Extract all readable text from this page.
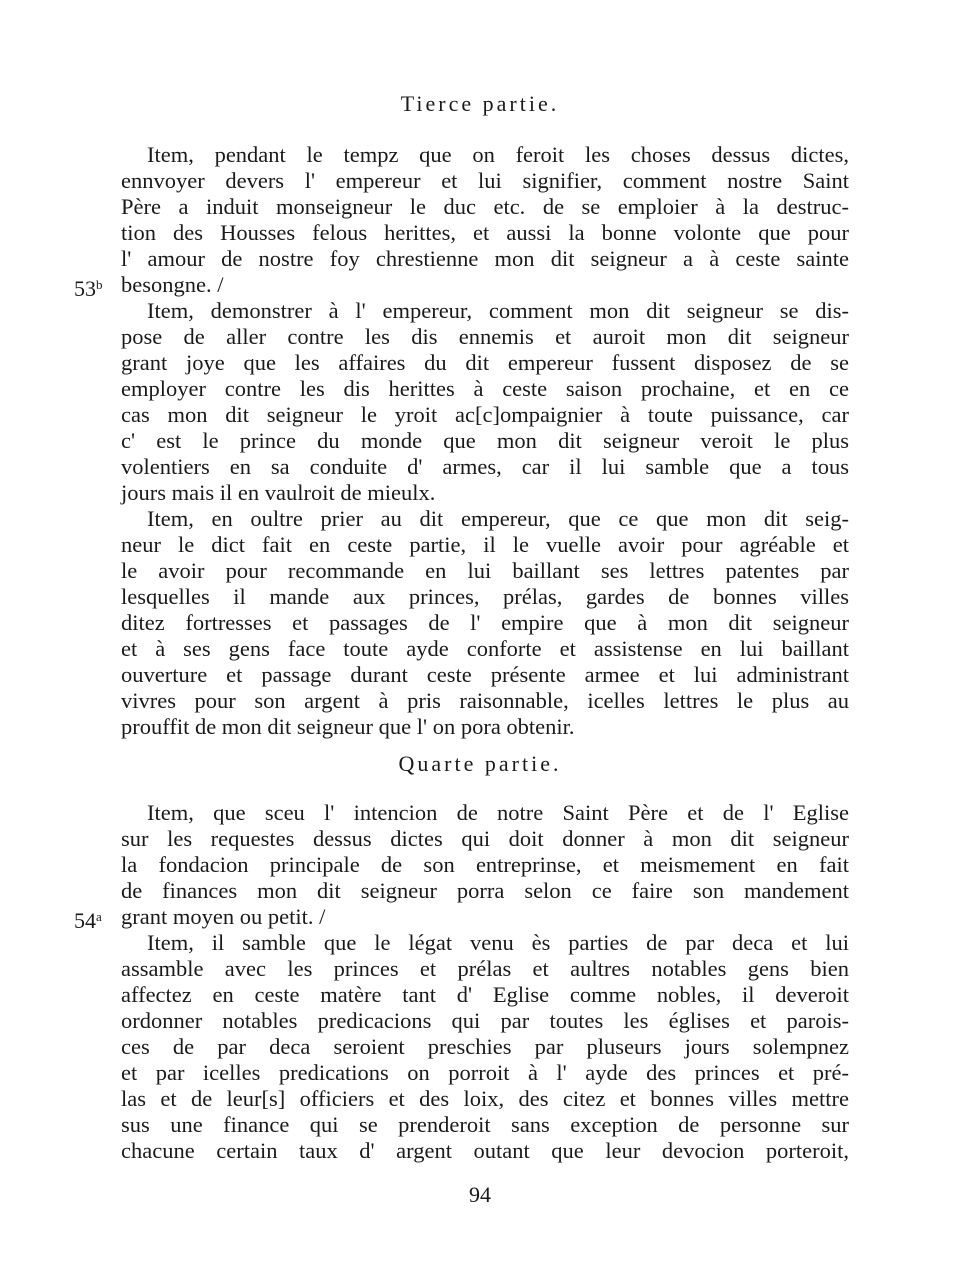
Tierce partie.
Item, pendant le tempz que on feroit les choses dessus dictes,
ennvoyer devers l' empereur et lui signifier, comment nostre Saint
Père a induit monseigneur le duc etc. de se emploier à la destruc-
tion des Housses felous herittes, et aussi la bonne volonte que pour
l' amour de nostre foy chrestienne mon dit seigneur a à ceste sainte
53$^b$ besongne. /
Item, demonstrer à l' empereur, comment mon dit seigneur se dis-
pose de aller contre les dis ennemis et auroit mon dit seigneur
grant joye que les affaires du dit empereur fussent disposez de se
employer contre les dis herittes à ceste saison prochaine, et en ce
cas mon dit seigneur le yroit ac[c]ompaignier à toute puissance, car
c' est le prince du monde que mon dit seigneur veroit le plus
volentiers en sa conduite d' armes, car il lui samble que a tous
jours mais il en vaulroit de mieulx.
Item, en oultre prier au dit empereur, que ce que mon dit seig-
neur le dict fait en ceste partie, il le vuelle avoir pour agréable et
le avoir pour recommande en lui baillant ses lettres patentes par
lesquelles il mande aux princes, prélas, gardes de bonnes villes
ditez fortresses et passages de l' empire que à mon dit seigneur
et à ses gens face toute ayde conforte et assistense en lui baillant
ouverture et passage durant ceste présente armee et lui administrant
vivres pour son argent à pris raisonnable, icelles lettres le plus au
prouffit de mon dit seigneur que l' on pora obtenir.
Quarte partie.
Item, que sceu l' intencion de notre Saint Père et de l' Eglise
sur les requestes dessus dictes qui doit donner à mon dit seigneur
la fondacion principale de son entreprinse, et meismement en fait
de finances mon dit seigneur porra selon ce faire son mandement
54$^a$ grant moyen ou petit. /
Item, il samble que le légat venu ès parties de par deca et lui
assamble avec les princes et prélas et aultres notables gens bien
affectez en ceste matère tant d' Eglise comme nobles, il deveroit
ordonner notables predicacions qui par toutes les églises et parois-
ces de par deca seroient preschies par pluseurs jours solempnez
et par icelles predications on porroit à l' ayde des princes et pré-
las et de leur[s] officiers et des loix, des citez et bonnes villes mettre
sus une finance qui se prenderoit sans exception de personne sur
chacune certain taux d' argent outant que leur devocion porteroit,
94
